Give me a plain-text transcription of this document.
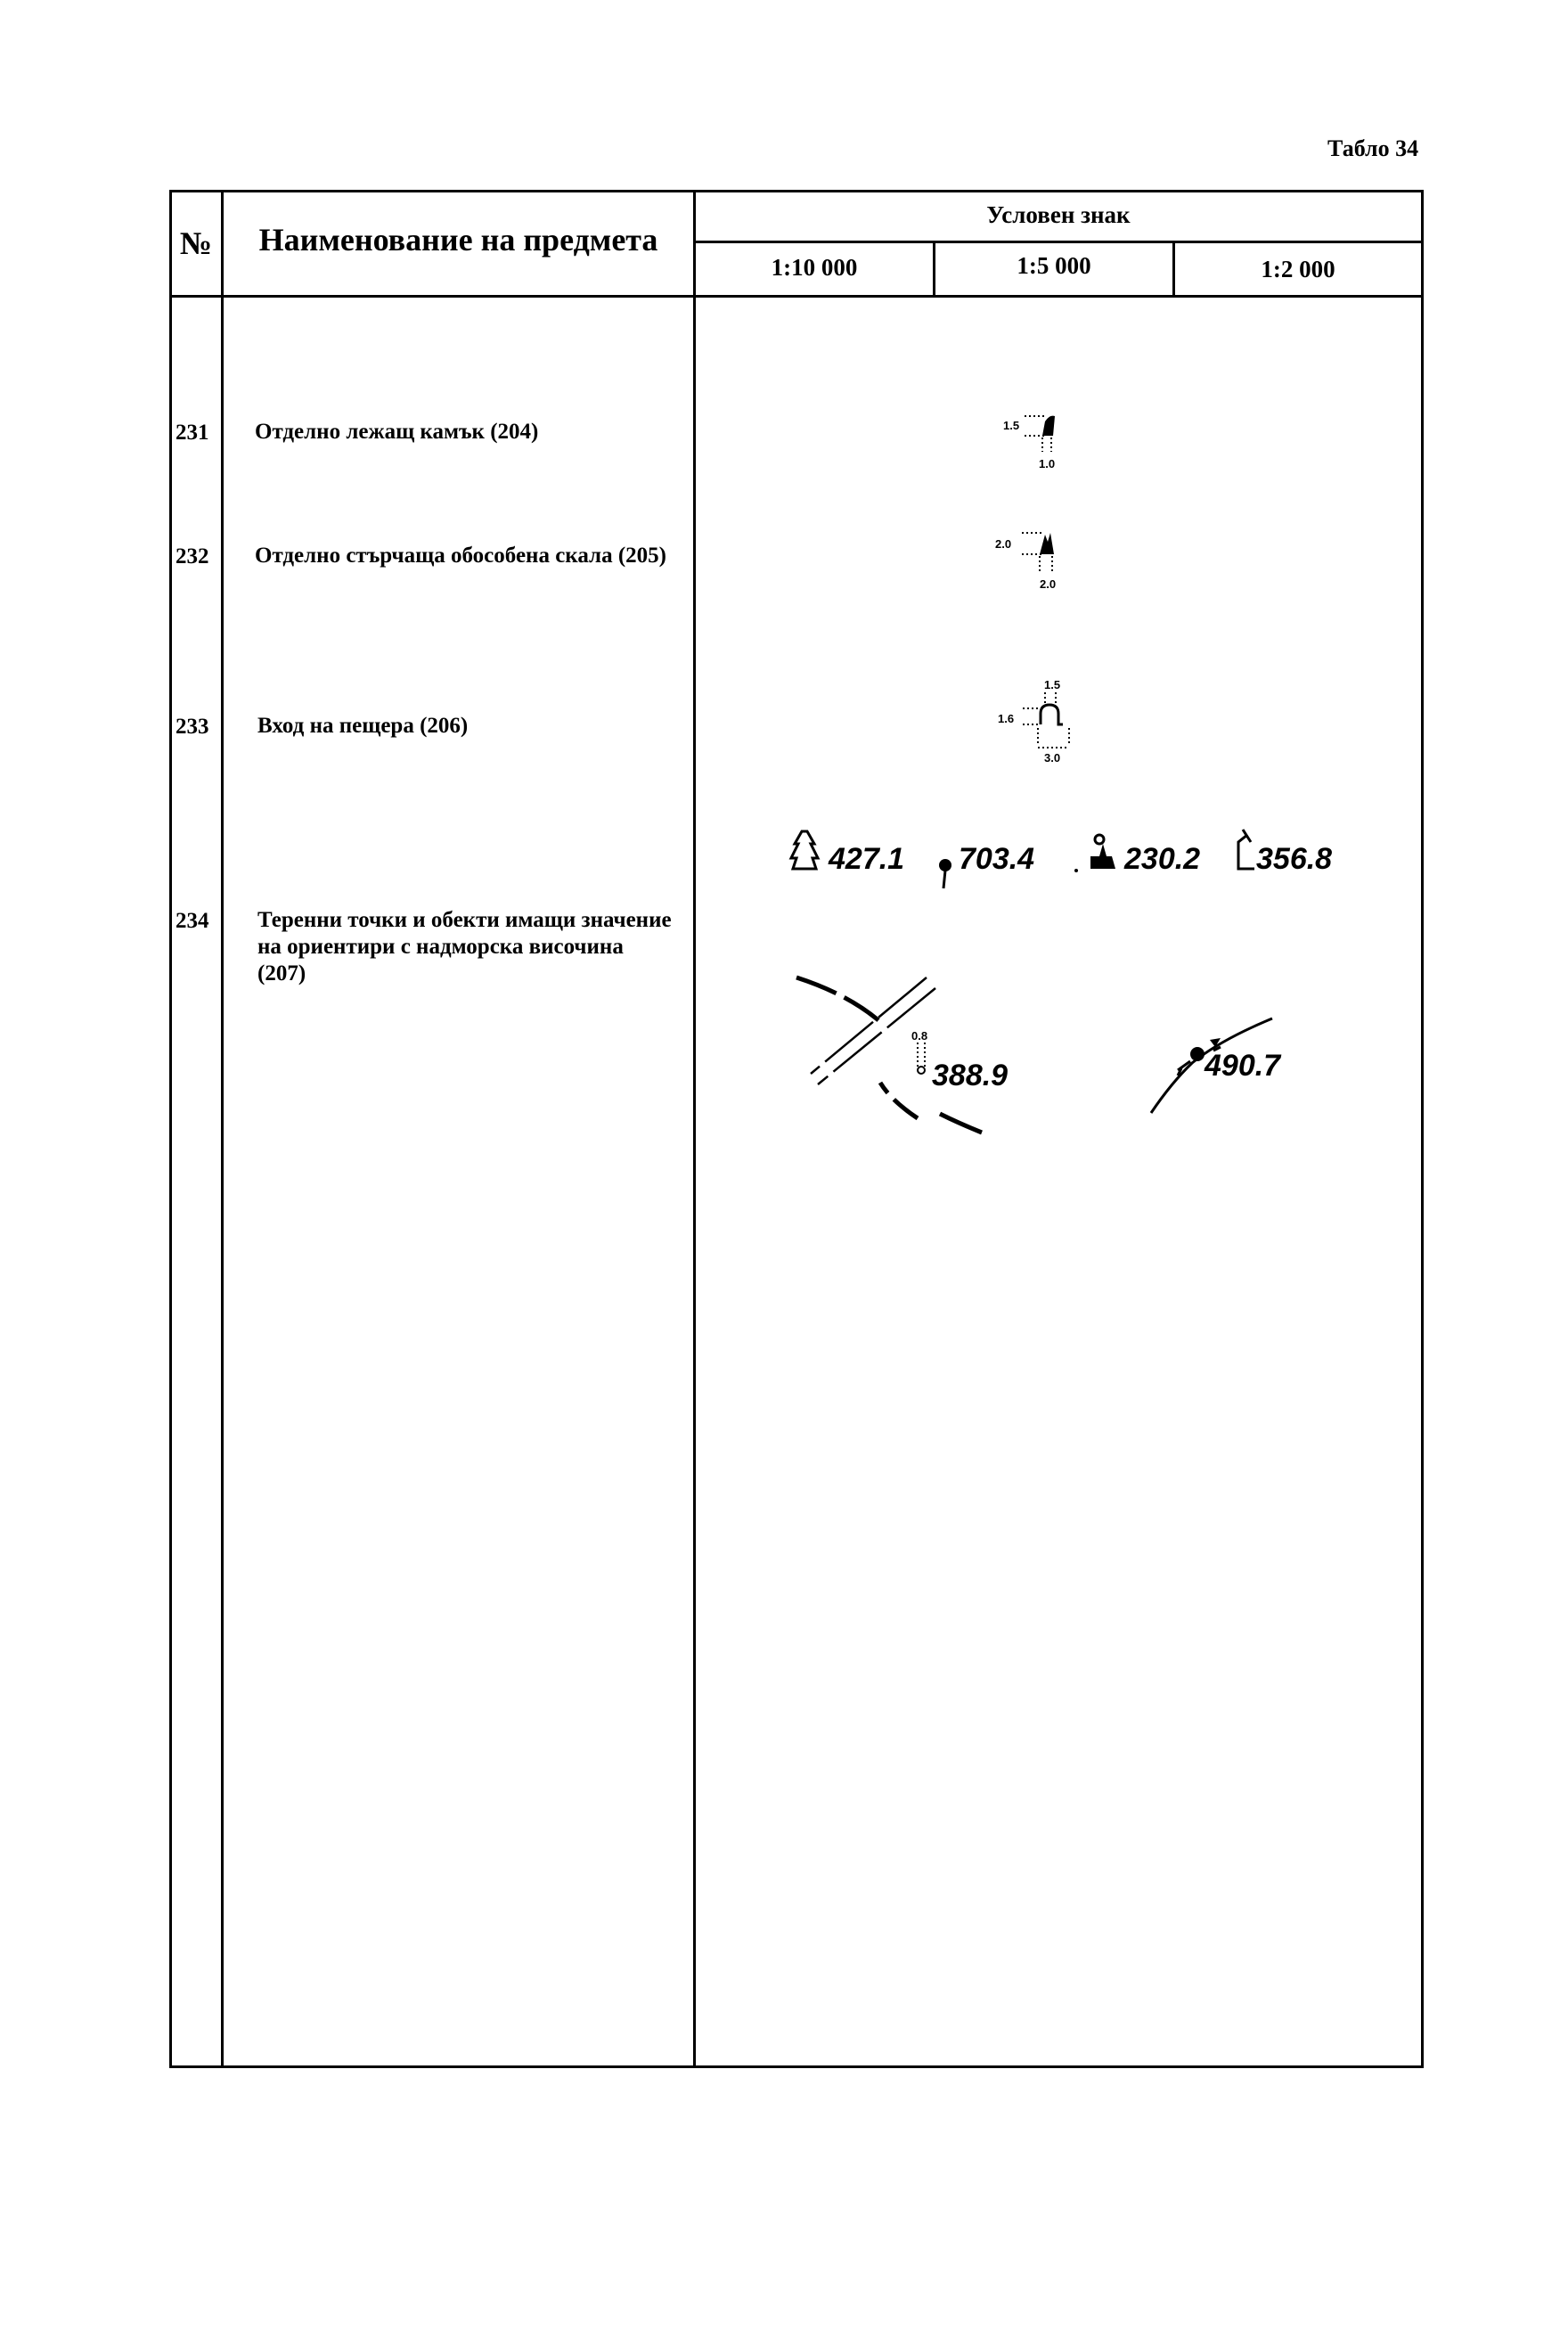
Табло 34
№	Наименование на предмета
Условен знак
1:10 000	1:5 000	1:2 000
231 Отделно лежащ камък (204)
232 Отделно стърчаща обособена скала (205)
233 Вход на пещера (206)
234 Теренни точки и обекти имащи значение на ориентири с надморска височина (207)
1.5
1.0
2.0
2.0
1.5
1.6
3.0
427.1 703.4	230.2 356.8
0.8
388.9	490.7
